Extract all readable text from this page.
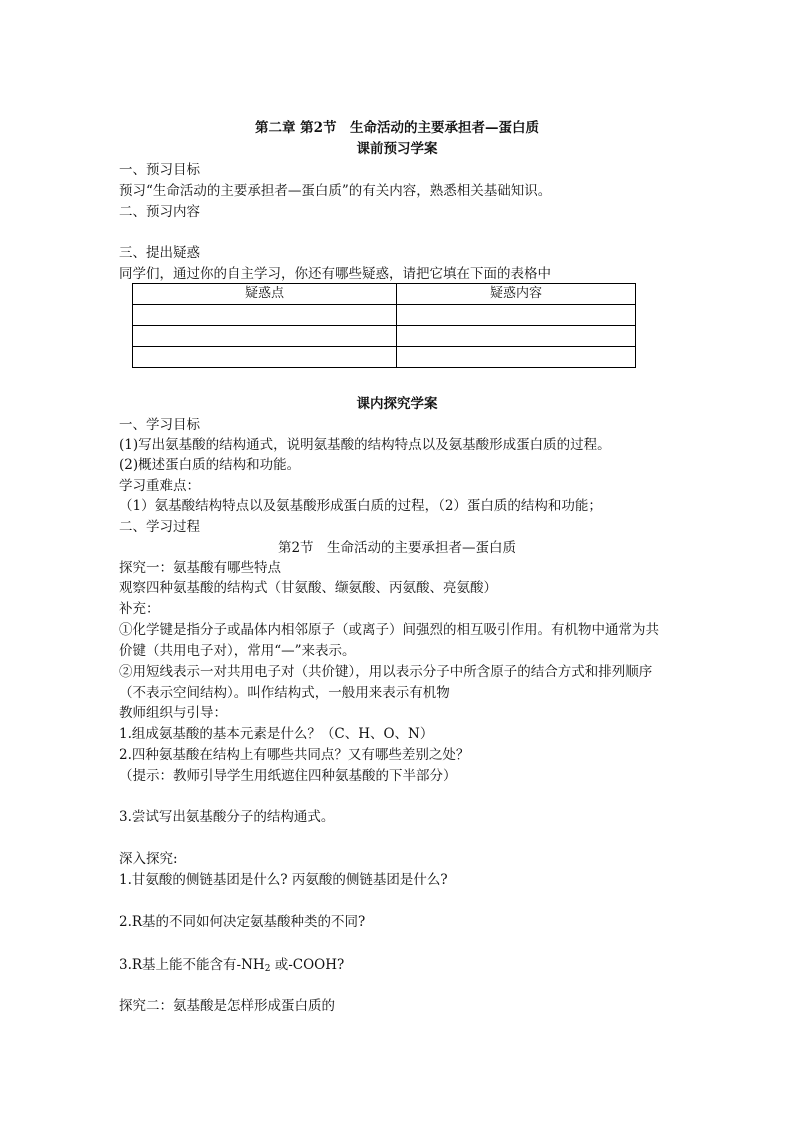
第二章 第2节　生命活动的主要承担者—蛋白质
课前预习学案
一、预习目标
预习“生命活动的主要承担者—蛋白质”的有关内容，熟悉相关基础知识。
二、预习内容
三、提出疑惑
同学们，通过你的自主学习，你还有哪些疑惑，请把它填在下面的表格中
疑惑点	疑惑内容

课内探究学案
一、学习目标
(1)写出氨基酸的结构通式，说明氨基酸的结构特点以及氨基酸形成蛋白质的过程。
(2)概述蛋白质的结构和功能。
学习重难点：
（1）氨基酸结构特点以及氨基酸形成蛋白质的过程，（2）蛋白质的结构和功能；
二、学习过程
第2节　生命活动的主要承担者—蛋白质
探究一：氨基酸有哪些特点
观察四种氨基酸的结构式（甘氨酸、缬氨酸、丙氨酸、亮氨酸）
补充：
①化学键是指分子或晶体内相邻原子（或离子）间强烈的相互吸引作用。有机物中通常为共
价键（共用电子对），常用“—”来表示。
②用短线表示一对共用电子对（共价键），用以表示分子中所含原子的结合方式和排列顺序
（不表示空间结构）。叫作结构式，一般用来表示有机物
教师组织与引导：
1.组成氨基酸的基本元素是什么？（C、H、O、N）
2.四种氨基酸在结构上有哪些共同点？又有哪些差别之处？
（提示：教师引导学生用纸遮住四种氨基酸的下半部分）
3.尝试写出氨基酸分子的结构通式。
深入探究:
1.甘氨酸的侧链基团是什么? 丙氨酸的侧链基团是什么?
2.R基的不同如何决定氨基酸种类的不同?
3.R基上能不能含有$-NH_2$ 或-COOH?
探究二：氨基酸是怎样形成蛋白质的
